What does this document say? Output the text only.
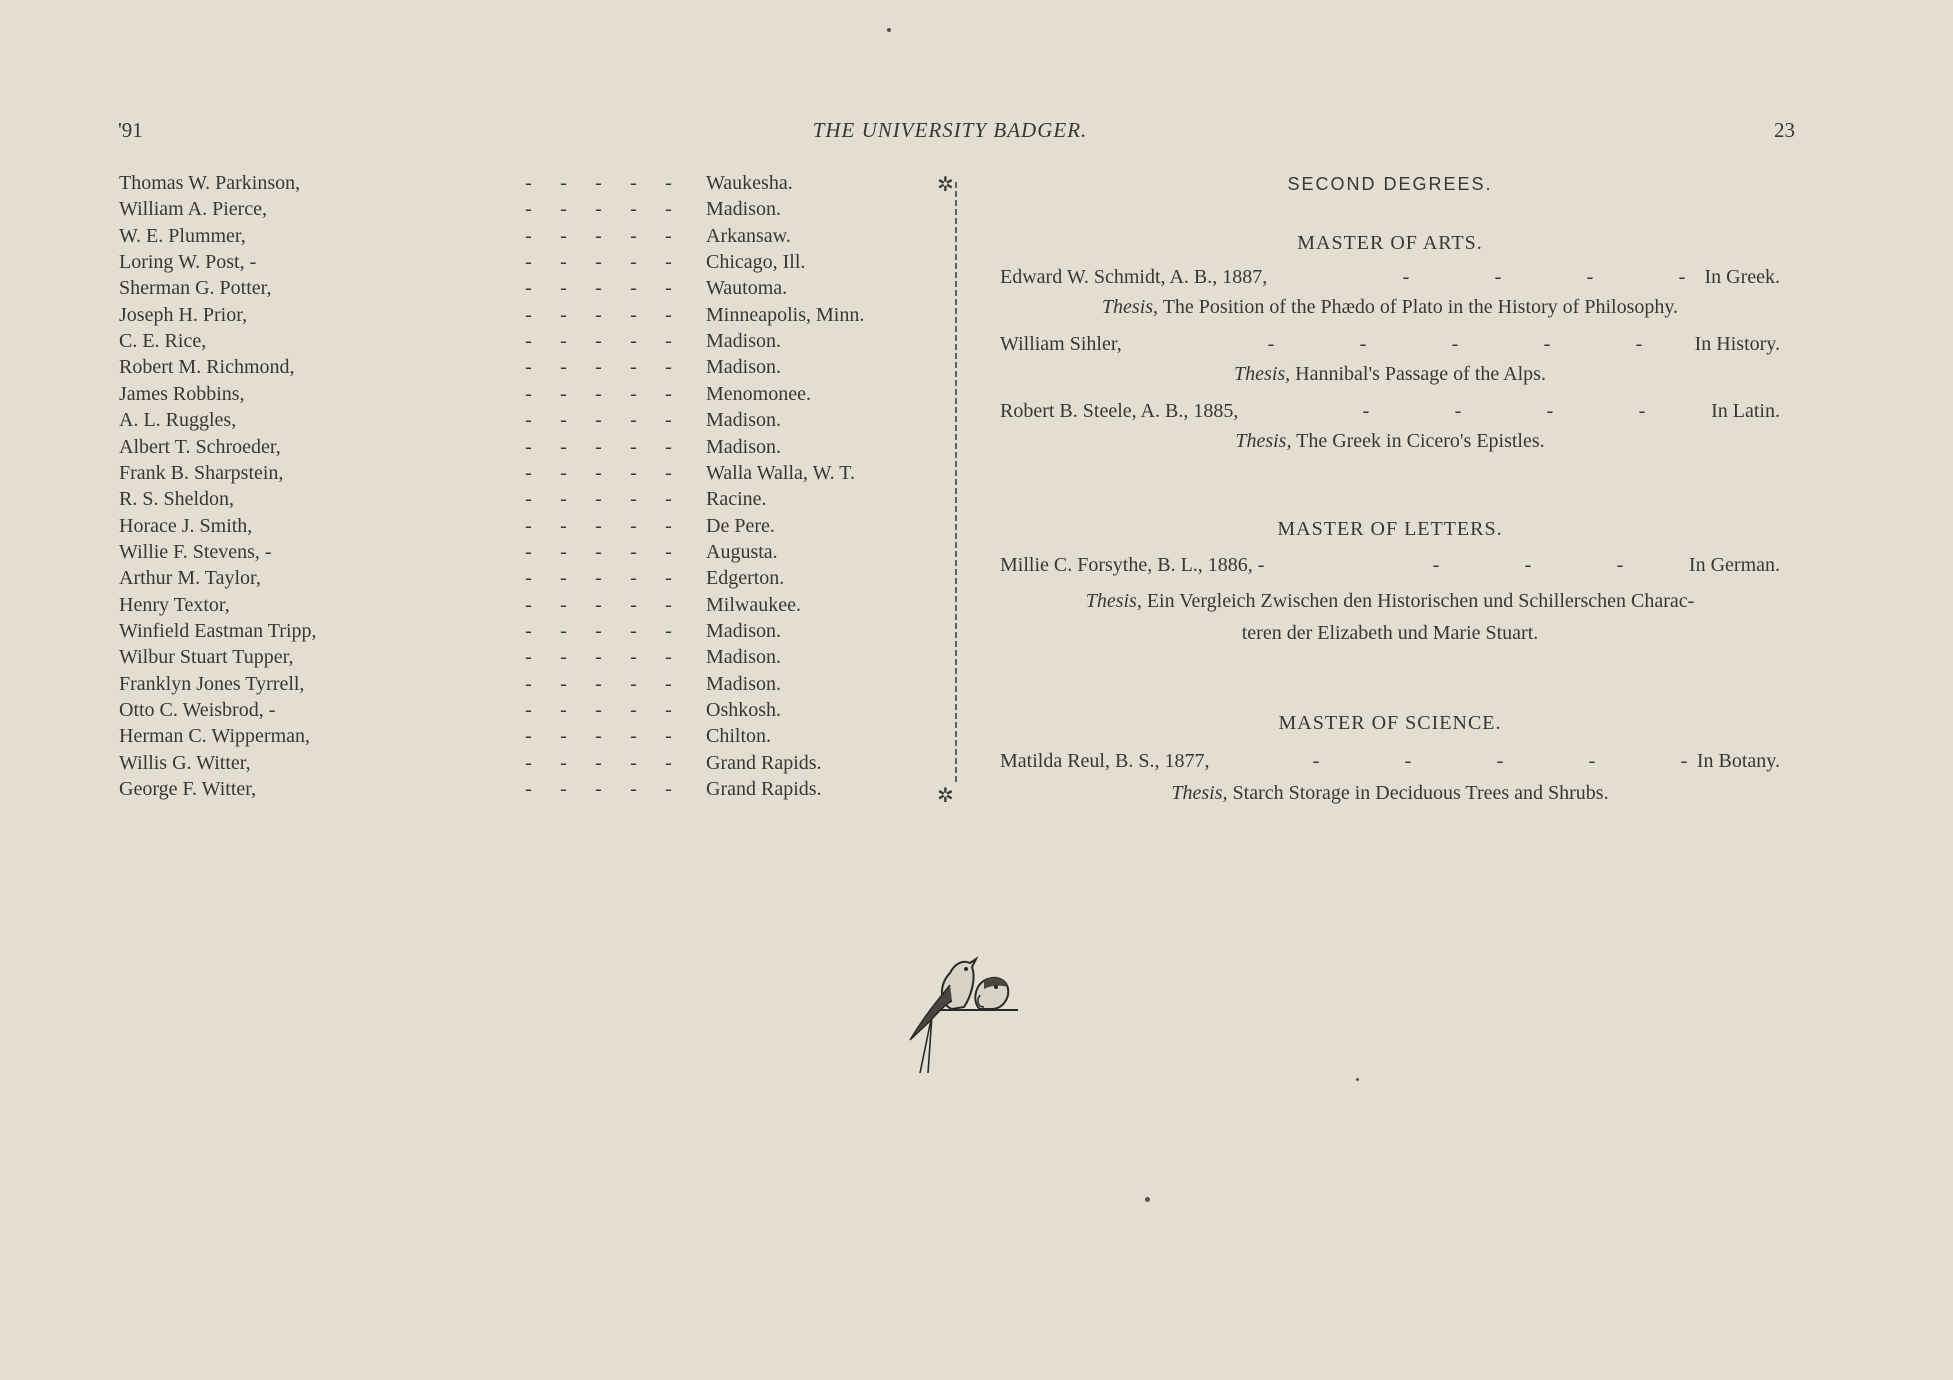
'91	THE UNIVERSITY BADGER.	23
Thomas W. Parkinson,	- - - - -	Waukesha.
William A. Pierce,	- - - - -	Madison.
W. E. Plummer,	- - - - -	Arkansaw.
Loring W. Post, -	- - - - -	Chicago, Ill.
Sherman G. Potter,	- - - - -	Wautoma.
Joseph H. Prior,	- - - - -	Minneapolis, Minn.
C. E. Rice,	- - - - -	Madison.
Robert M. Richmond,	- - - - -	Madison.
James Robbins,	- - - - -	Menomonee.
A. L. Ruggles,	- - - - -	Madison.
Albert T. Schroeder,	- - - - -	Madison.
Frank B. Sharpstein,	- - - - -	Walla Walla, W. T.
R. S. Sheldon,	- - - - -	Racine.
Horace J. Smith,	- - - - -	De Pere.
Willie F. Stevens, -	- - - - -	Augusta.
Arthur M. Taylor,	- - - - -	Edgerton.
Henry Textor,	- - - - -	Milwaukee.
Winfield Eastman Tripp,	- - - - -	Madison.
Wilbur Stuart Tupper,	- - - - -	Madison.
Franklyn Jones Tyrrell,	- - - - -	Madison.
Otto C. Weisbrod, -	- - - - -	Oshkosh.
Herman C. Wipperman,	- - - - -	Chilton.
Willis G. Witter,	- - - - -	Grand Rapids.
George F. Witter,	- - - - -	Grand Rapids.
✲
✲
SECOND DEGREES.
MASTER OF ARTS.
Edward W. Schmidt, A. B., 1887,	-	-	-	- In Greek.
Thesis, The Position of the Phædo of Plato in the History of Philosophy.
William Sihler,	-	-	-	-	-	In History.
Thesis, Hannibal's Passage of the Alps.
Robert B. Steele, A. B., 1885,	-	-	-	-	In Latin.
Thesis, The Greek in Cicero's Epistles.
MASTER OF LETTERS.
Millie C. Forsythe, B. L., 1886, -	-	-	-	In German.
Thesis, Ein Vergleich Zwischen den Historischen und Schillerschen Charac-
teren der Elizabeth und Marie Stuart.
MASTER OF SCIENCE.
Matilda Reul, B. S., 1877,	-	-	-	-	- In Botany.
Thesis, Starch Storage in Deciduous Trees and Shrubs.
